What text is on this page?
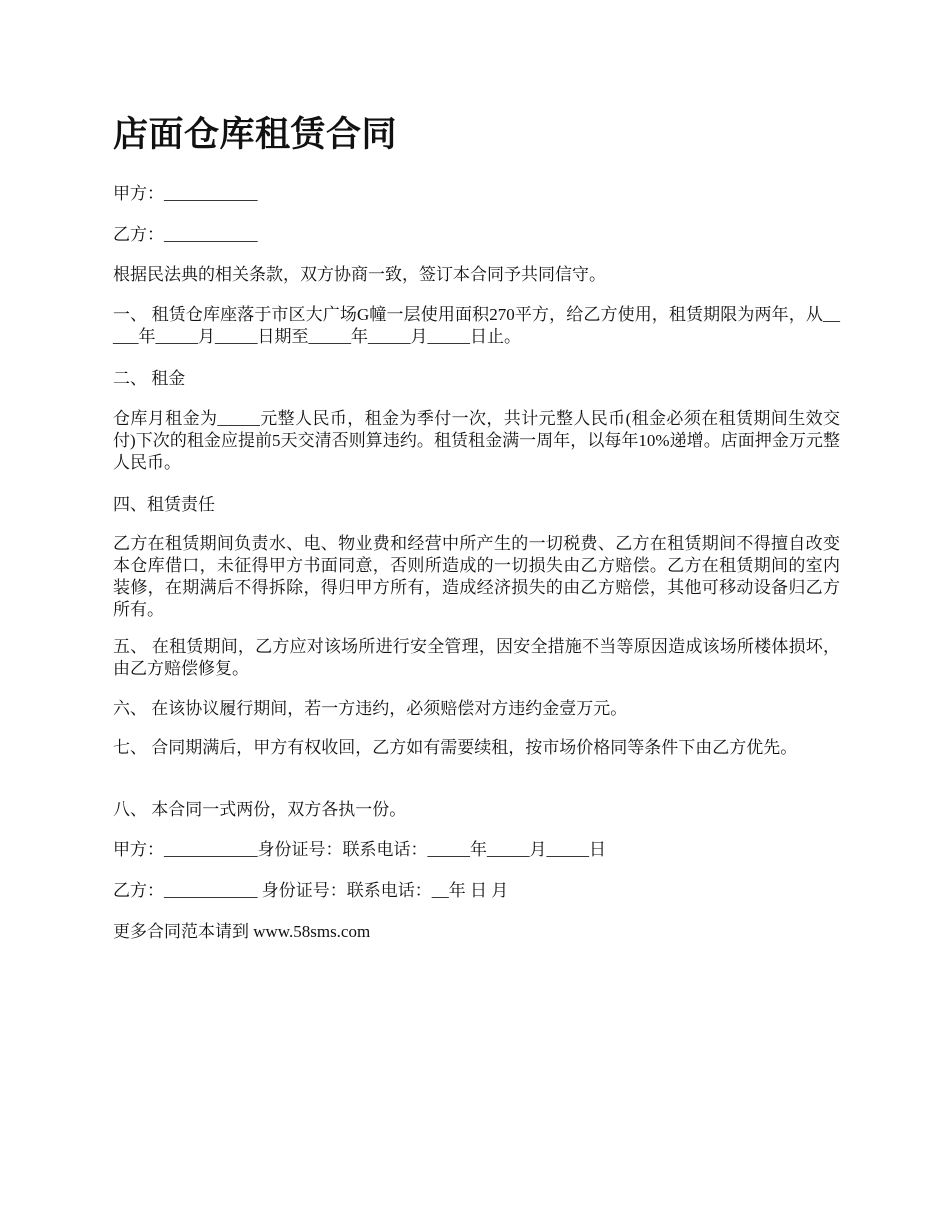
店面仓库租赁合同

甲方：___________

乙方：___________

根据民法典的相关条款，双方协商一致，签订本合同予共同信守。

一、 租赁仓库座落于市区大广场G幢一层使用面积270平方，给乙方使用，租赁期限为两年，从_____年_____月_____日期至_____年_____月_____日止。

二、 租金

仓库月租金为_____元整人民币，租金为季付一次，共计元整人民币(租金必须在租赁期间生效交付)下次的租金应提前5天交清否则算违约。租赁租金满一周年，以每年10%递增。店面押金万元整人民币。

四、租赁责任

乙方在租赁期间负责水、电、物业费和经营中所产生的一切税费、乙方在租赁期间不得擅自改变本仓库借口，未征得甲方书面同意，否则所造成的一切损失由乙方赔偿。乙方在租赁期间的室内装修，在期满后不得拆除，得归甲方所有，造成经济损失的由乙方赔偿，其他可移动设备归乙方所有。

五、 在租赁期间，乙方应对该场所进行安全管理，因安全措施不当等原因造成该场所楼体损坏，由乙方赔偿修复。

六、 在该协议履行期间，若一方违约，必须赔偿对方违约金壹万元。

七、 合同期满后，甲方有权收回，乙方如有需要续租，按市场价格同等条件下由乙方优先。

八、 本合同一式两份，双方各执一份。

甲方：___________身份证号：联系电话：_____年_____月_____日

乙方：___________ 身份证号：联系电话：__年 日 月

更多合同范本请到 www.58sms.com
